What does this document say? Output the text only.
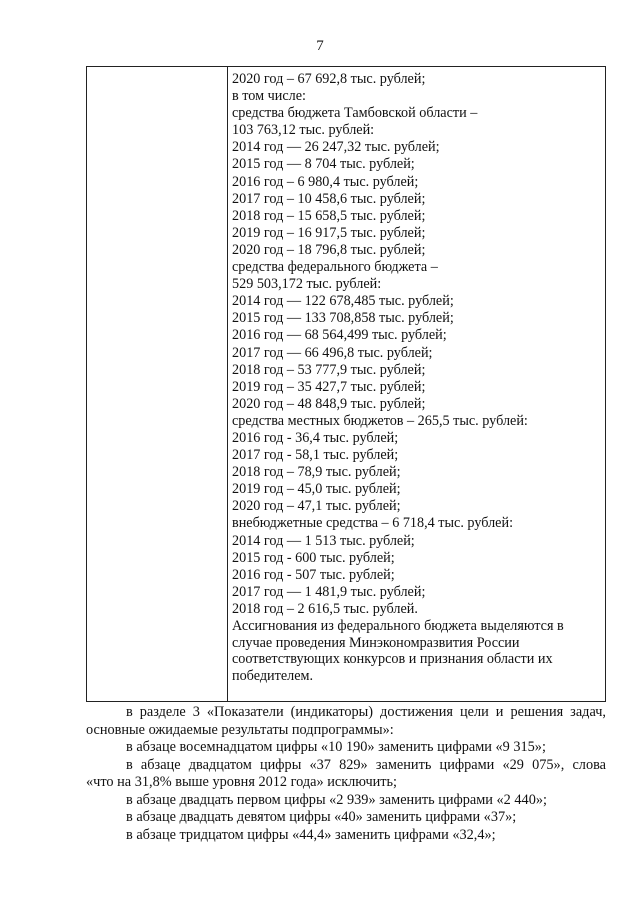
7
2020 год – 67 692,8 тыс. рублей;
в том числе:
средства бюджета Тамбовской области –
103 763,12 тыс. рублей:
2014 год — 26 247,32 тыс. рублей;
2015 год — 8 704 тыс. рублей;
2016 год – 6 980,4 тыс. рублей;
2017 год – 10 458,6 тыс. рублей;
2018 год – 15 658,5 тыс. рублей;
2019 год – 16 917,5 тыс. рублей;
2020 год – 18 796,8 тыс. рублей;
средства федерального бюджета –
529 503,172 тыс. рублей:
2014 год — 122 678,485 тыс. рублей;
2015 год — 133 708,858 тыс. рублей;
2016 год — 68 564,499 тыс. рублей;
2017 год — 66 496,8 тыс. рублей;
2018 год – 53 777,9 тыс. рублей;
2019 год – 35 427,7 тыс. рублей;
2020 год – 48 848,9 тыс. рублей;
средства местных бюджетов – 265,5 тыс. рублей:
2016 год - 36,4 тыс. рублей;
2017 год - 58,1 тыс. рублей;
2018 год – 78,9 тыс. рублей;
2019 год – 45,0 тыс. рублей;
2020 год – 47,1 тыс. рублей;
внебюджетные средства – 6 718,4 тыс. рублей:
2014 год — 1 513 тыс. рублей;
2015 год - 600 тыс. рублей;
2016 год - 507 тыс. рублей;
2017 год — 1 481,9 тыс. рублей;
2018 год – 2 616,5 тыс. рублей.
Ассигнования из федерального бюджета выделяются в случае проведения Минэкономразвития России соответствующих конкурсов и признания области их победителем.
в разделе 3 «Показатели (индикаторы) достижения цели и решения задач,
основные ожидаемые результаты подпрограммы»:
в абзаце восемнадцатом цифры «10 190» заменить цифрами «9 315»;
в абзаце двадцатом цифры «37 829» заменить цифрами «29 075», слова
«что на 31,8% выше уровня 2012 года» исключить;
в абзаце двадцать первом цифры «2 939» заменить цифрами «2 440»;
в абзаце двадцать девятом цифры «40» заменить цифрами «37»;
в абзаце тридцатом цифры «44,4» заменить цифрами «32,4»;
